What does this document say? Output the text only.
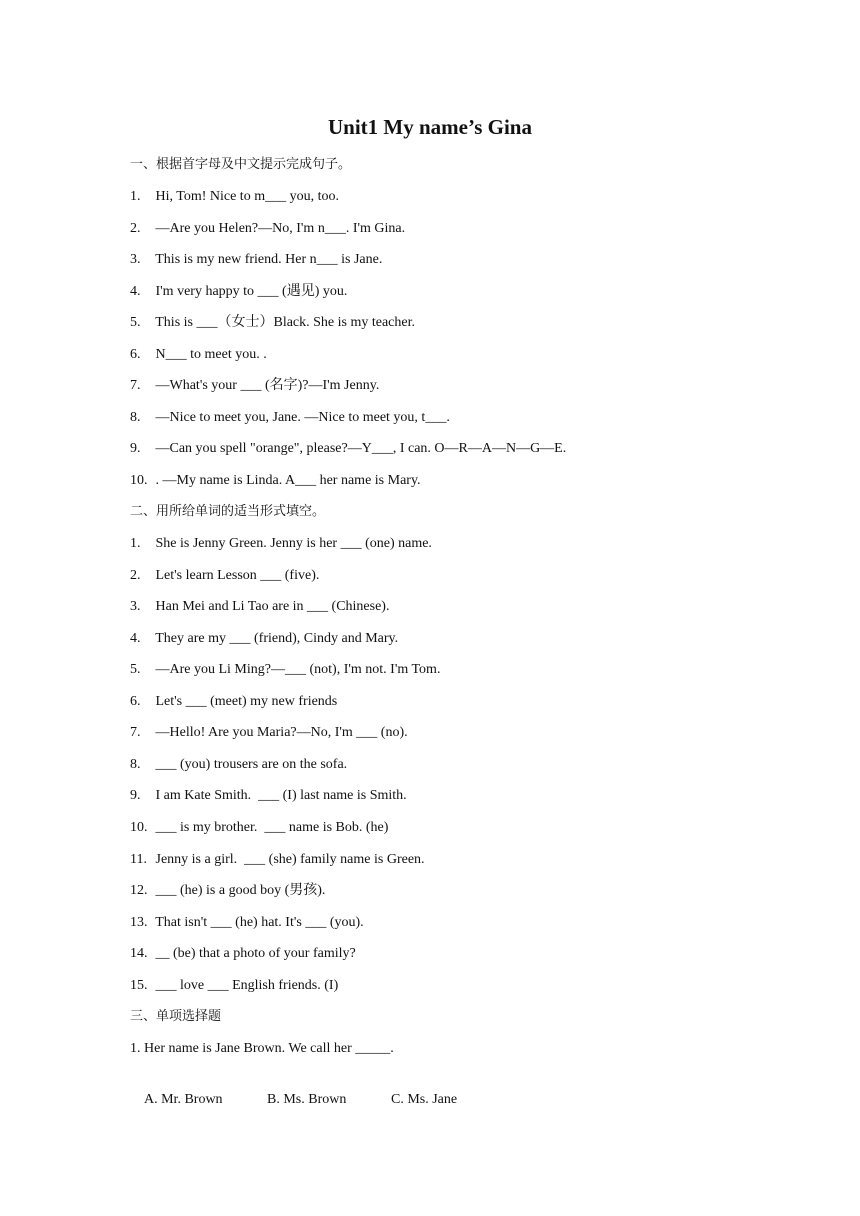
Unit1 My name’s Gina

一、根据首字母及中文提示完成句子。

1. Hi, Tom! Nice to m___ you, too.

2. —Are you Helen?—No, I'm n___. I'm Gina.

3. This is my new friend. Her n___ is Jane.

4. I'm very happy to ___ (遇见) you.

5. This is ___（女士）Black. She is my teacher.

6. N___ to meet you. .

7. —What's your ___ (名字)?—I'm Jenny.

8. —Nice to meet you, Jane. —Nice to meet you, t___.

9. —Can you spell "orange", please?—Y___, I can. O—R—A—N—G—E.

10. . —My name is Linda. A___ her name is Mary.

二、用所给单词的适当形式填空。

1. She is Jenny Green. Jenny is her ___ (one) name.

2. Let's learn Lesson ___ (five).

3. Han Mei and Li Tao are in ___ (Chinese).

4. They are my ___ (friend), Cindy and Mary.

5. —Are you Li Ming?—___ (not), I'm not. I'm Tom.

6. Let's ___ (meet) my new friends

7. —Hello! Are you Maria?—No, I'm ___ (no).

8. ___ (you) trousers are on the sofa.

9. I am Kate Smith.  ___ (I) last name is Smith.

10. ___ is my brother.  ___ name is Bob. (he)

11. Jenny is a girl.  ___ (she) family name is Green.

12. ___ (he) is a good boy (男孩).

13. That isn't ___ (he) hat. It's ___ (you).

14. __ (be) that a photo of your family?

15. ___ love ___ English friends. (I)

三、单项选择题

1. Her name is Jane Brown. We call her _____.

A. Mr. Brown	B. Ms. Brown	C. Ms. Jane
